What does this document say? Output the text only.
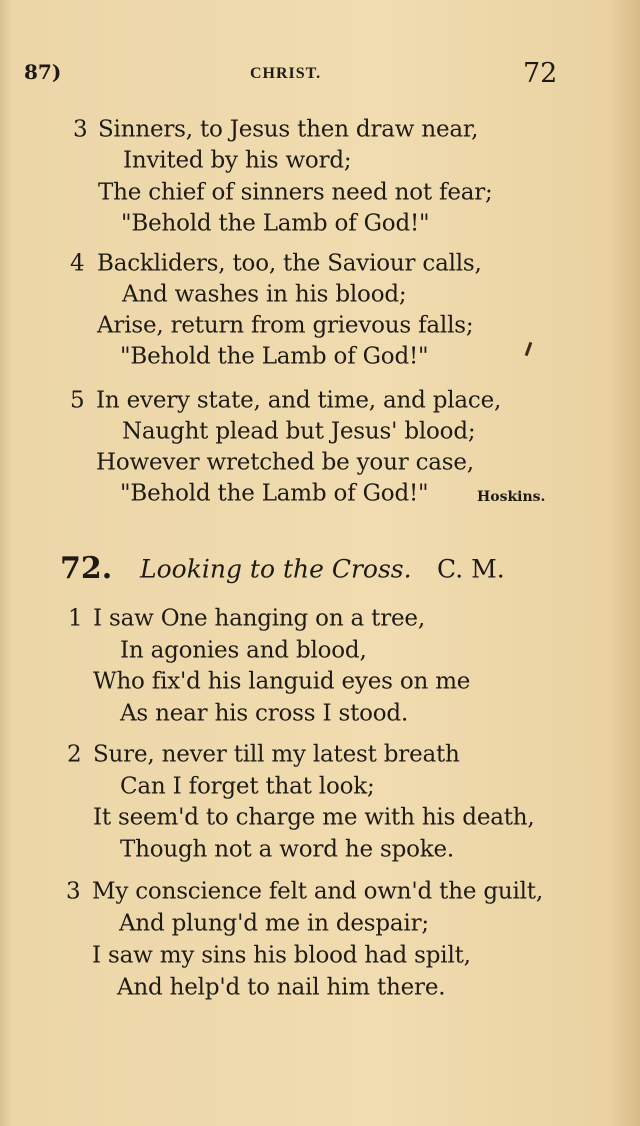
87)	CHRIST.	72
3 Sinners, to Jesus then draw near,
Invited by his word;
The chief of sinners need not fear;
"Behold the Lamb of God!"
4 Backliders, too, the Saviour calls,
And washes in his blood;
Arise, return from grievous falls;
"Behold the Lamb of God!"
5 In every state, and time, and place,
Naught plead but Jesus' blood;
However wretched be your case,
"Behold the Lamb of God!"	Hoskins.
72. Looking to the Cross. C. M.
1 I saw One hanging on a tree,
In agonies and blood,
Who fix'd his languid eyes on me
As near his cross I stood.
2 Sure, never till my latest breath
Can I forget that look;
It seem'd to charge me with his death,
Though not a word he spoke.
3 My conscience felt and own'd the guilt,
And plung'd me in despair;
I saw my sins his blood had spilt,
And help'd to nail him there.
